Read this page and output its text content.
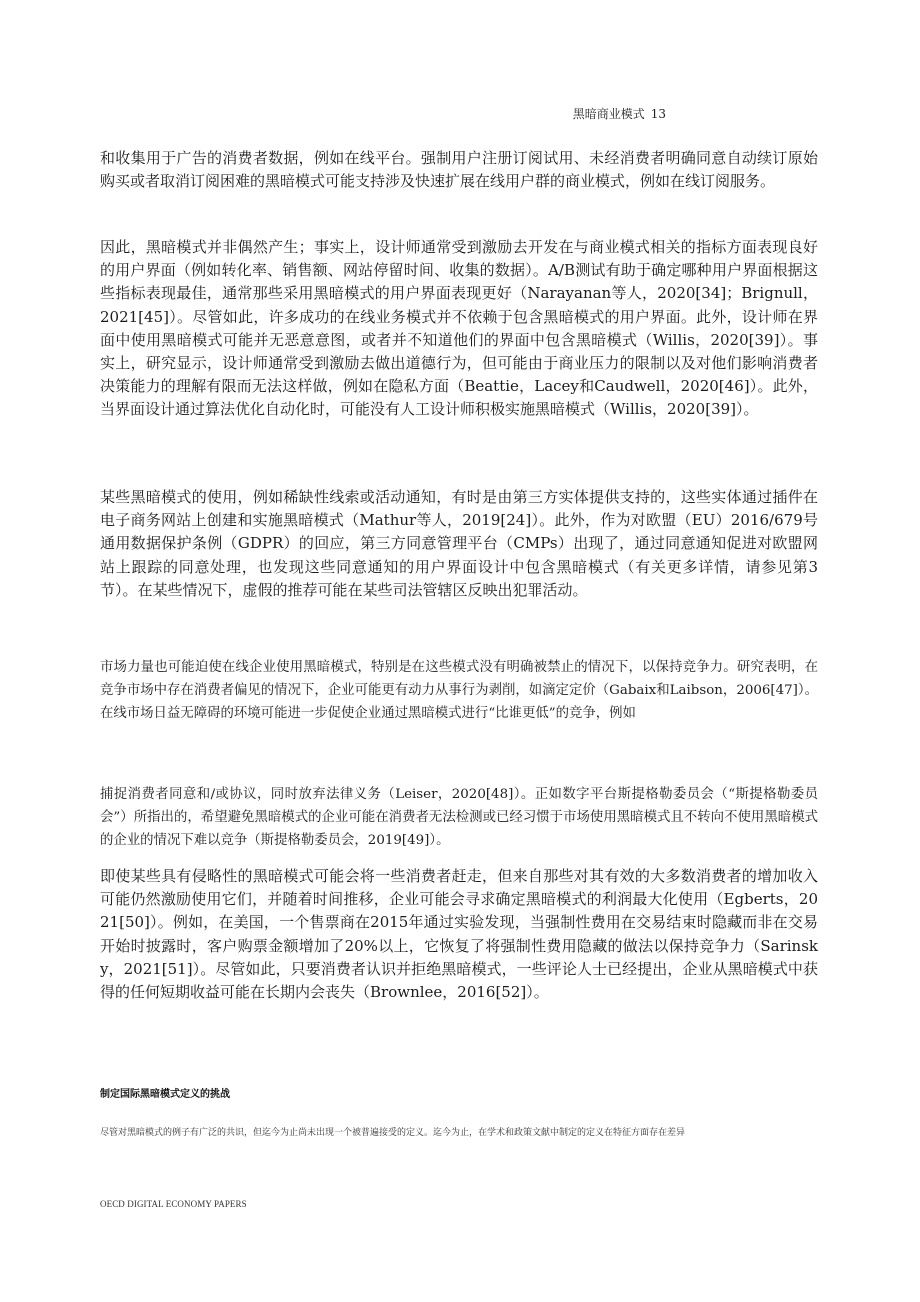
黑暗商业模式 13

和收集用于广告的消费者数据，例如在线平台。强制用户注册订阅试用、未经消费者明确同意自动续订原始购买或者取消订阅困难的黑暗模式可能支持涉及快速扩展在线用户群的商业模式，例如在线订阅服务。

因此，黑暗模式并非偶然产生；事实上，设计师通常受到激励去开发在与商业模式相关的指标方面表现良好的用户界面（例如转化率、销售额、网站停留时间、收集的数据）。A/B测试有助于确定哪种用户界面根据这些指标表现最佳，通常那些采用黑暗模式的用户界面表现更好（Narayanan等人，2020[34]；Brignull，2021[45]）。尽管如此，许多成功的在线业务模式并不依赖于包含黑暗模式的用户界面。此外，设计师在界面中使用黑暗模式可能并无恶意意图，或者并不知道他们的界面中包含黑暗模式（Willis，2020[39]）。事实上，研究显示，设计师通常受到激励去做出道德行为，但可能由于商业压力的限制以及对他们影响消费者决策能力的理解有限而无法这样做，例如在隐私方面（Beattie，Lacey和Caudwell，2020[46]）。此外，当界面设计通过算法优化自动化时，可能没有人工设计师积极实施黑暗模式（Willis，2020[39]）。

某些黑暗模式的使用，例如稀缺性线索或活动通知，有时是由第三方实体提供支持的，这些实体通过插件在电子商务网站上创建和实施黑暗模式（Mathur等人，2019[24]）。此外，作为对欧盟（EU）2016/679号通用数据保护条例（GDPR）的回应，第三方同意管理平台（CMPs）出现了，通过同意通知促进对欧盟网站上跟踪的同意处理，也发现这些同意通知的用户界面设计中包含黑暗模式（有关更多详情，请参见第3节）。在某些情况下，虚假的推荐可能在某些司法管辖区反映出犯罪活动。

市场力量也可能迫使在线企业使用黑暗模式，特别是在这些模式没有明确被禁止的情况下，以保持竞争力。研究表明，在竞争市场中存在消费者偏见的情况下，企业可能更有动力从事行为剥削，如滴定定价（Gabaix和Laibson，2006[47]）。在线市场日益无障碍的环境可能进一步促使企业通过黑暗模式进行“比谁更低”的竞争，例如

捕捉消费者同意和/或协议，同时放弃法律义务（Leiser，2020[48]）。正如数字平台斯提格勒委员会（“斯提格勒委员会”）所指出的，希望避免黑暗模式的企业可能在消费者无法检测或已经习惯于市场使用黑暗模式且不转向不使用黑暗模式的企业的情况下难以竞争（斯提格勒委员会，2019[49]）。

即使某些具有侵略性的黑暗模式可能会将一些消费者赶走，但来自那些对其有效的大多数消费者的增加收入可能仍然激励使用它们，并随着时间推移，企业可能会寻求确定黑暗模式的利润最大化使用（Egberts，2021[50]）。例如，在美国，一个售票商在2015年通过实验发现，当强制性费用在交易结束时隐藏而非在交易开始时披露时，客户购票金额增加了20%以上，它恢复了将强制性费用隐藏的做法以保持竞争力（Sarinsky，2021[51]）。尽管如此，只要消费者认识并拒绝黑暗模式，一些评论人士已经提出，企业从黑暗模式中获得的任何短期收益可能在长期内会丧失（Brownlee，2016[52]）。

制定国际黑暗模式定义的挑战

尽管对黑暗模式的例子有广泛的共识，但迄今为止尚未出现一个被普遍接受的定义。迄今为止，在学术和政策文献中制定的定义在特征方面存在差异

OECD DIGITAL ECONOMY PAPERS
